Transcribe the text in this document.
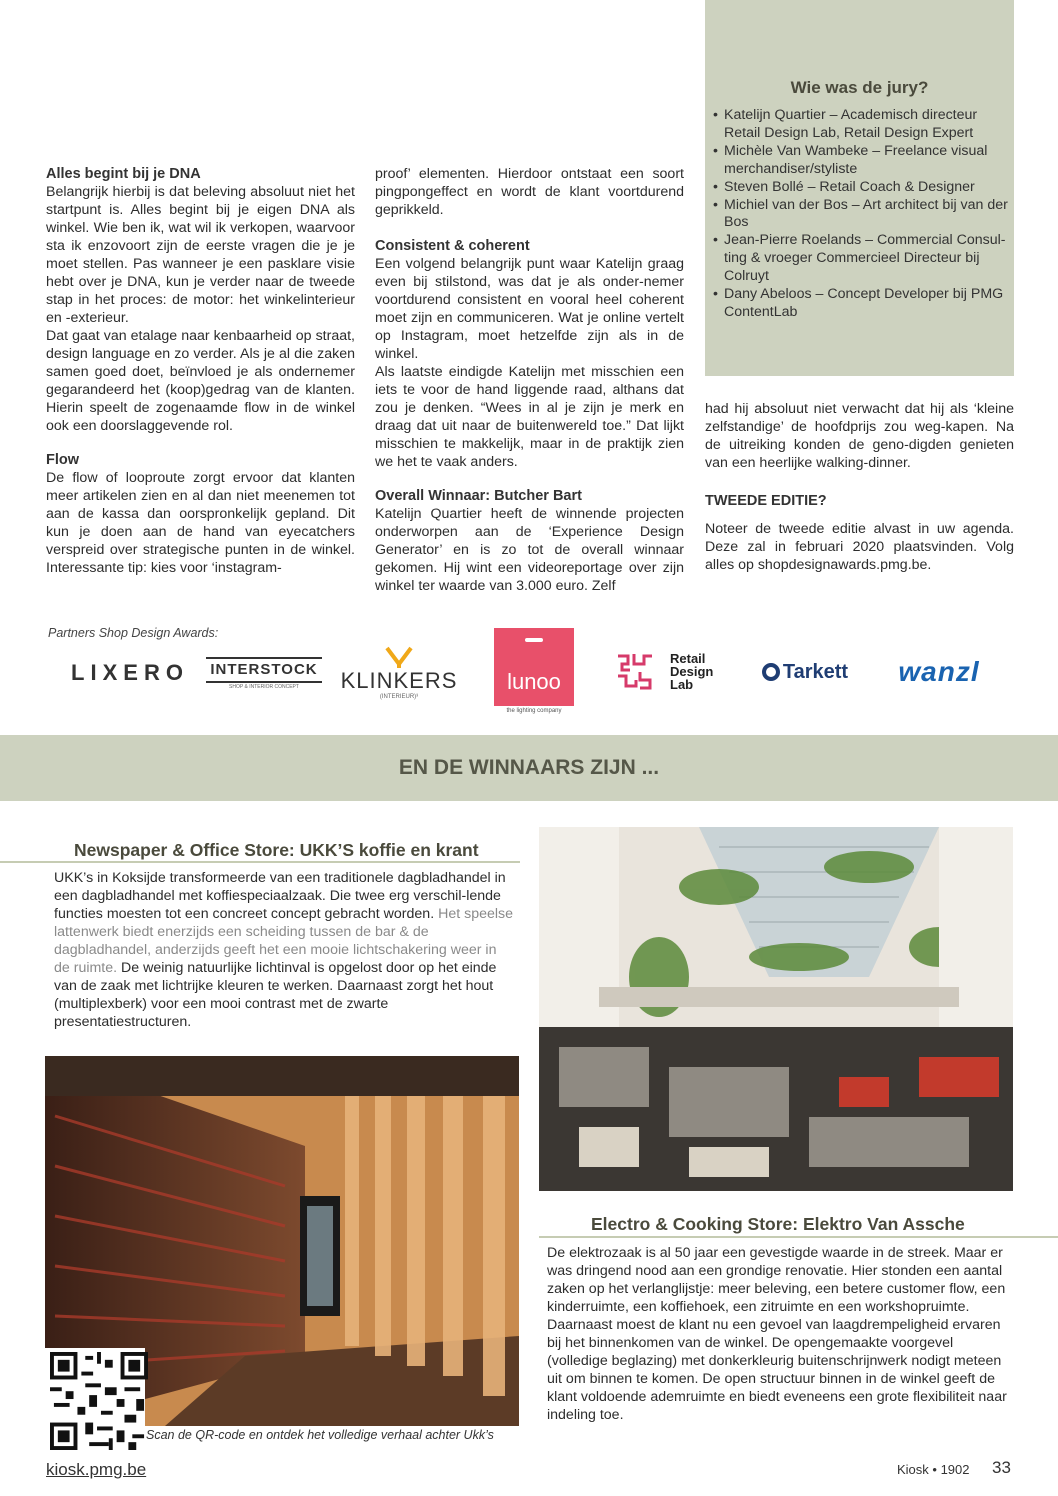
Alles begint bij je DNA

Belangrijk hierbij is dat beleving absoluut niet het startpunt is. Alles begint bij je eigen DNA als winkel. Wie ben ik, wat wil ik verkopen, waarvoor sta ik enzovoort zijn de eerste vragen die je je moet stellen. Pas wanneer je een pasklare visie hebt over je DNA, kun je verder naar de tweede stap in het proces: de motor: het winkelinterieur en -exterieur.

Dat gaat van etalage naar kenbaarheid op straat, design language en zo verder. Als je al die zaken samen goed doet, beïnvloed je als ondernemer gegarandeerd het (koop)gedrag van de klanten. Hierin speelt de zogenaamde flow in de winkel ook een doorslaggevende rol.

Flow

De flow of looproute zorgt ervoor dat klanten meer artikelen zien en al dan niet meenemen tot aan de kassa dan oorspronkelijk gepland. Dit kun je doen aan de hand van eyecatchers verspreid over strategische punten in de winkel. Interessante tip: kies voor ‘instagram-

proof’ elementen. Hierdoor ontstaat een soort pingpongeffect en wordt de klant voortdurend geprikkeld.

Consistent & coherent

Een volgend belangrijk punt waar Katelijn graag even bij stilstond, was dat je als onder-nemer voortdurend consistent en vooral heel coherent moet zijn en communiceren. Wat je online vertelt op Instagram, moet hetzelfde zijn als in de winkel.

Als laatste eindigde Katelijn met misschien een iets te voor de hand liggende raad, althans dat zou je denken. “Wees in al je zijn je merk en draag dat uit naar de buitenwereld toe.” Dat lijkt misschien te makkelijk, maar in de praktijk zien we het te vaak anders.

Overall Winnaar: Butcher Bart

Katelijn Quartier heeft de winnende projecten onderworpen aan de ‘Experience Design Generator’ en is zo tot de overall winnaar gekomen. Hij wint een videoreportage over zijn winkel ter waarde van 3.000 euro. Zelf

Wie was de jury?
• Katelijn Quartier – Academisch directeur Retail Design Lab, Retail Design Expert
• Michèle Van Wambeke – Freelance visual merchandiser/styliste
• Steven Bollé – Retail Coach & Designer
• Michiel van der Bos – Art architect bij van der Bos
• Jean-Pierre Roelands – Commercial Consul-ting & vroeger Commercieel Directeur bij Colruyt
• Dany Abeloos – Concept Developer bij PMG ContentLab

had hij absoluut niet verwacht dat hij als ‘kleine zelfstandige’ de hoofdprijs zou weg-kapen. Na de uitreiking konden de geno-digden genieten van een heerlijke walking-dinner.

TWEEDE EDITIE?

Noteer de tweede editie alvast in uw agenda. Deze zal in februari 2020 plaatsvinden. Volg alles op shopdesignawards.pmg.be.

Partners Shop Design Awards:
LIXERO INTERSTOCK
SHOP & INTERIOR CONCEPT KLINKERS
(INTERIEUR)³
lunoo
the lighting company
Retail
Design
Lab
Tarkett wanzl
EN DE WINNAARS ZIJN ...
Newspaper & Office Store: UKK’S koffie en krant
UKK’s in Koksijde transformeerde van een traditionele dagbladhandel in een dagbladhandel met koffiespeciaalzaak. Die twee erg verschil-lende functies moesten tot een concreet concept gebracht worden. Het speelse lattenwerk biedt enerzijds een scheiding tussen de bar & de dagbladhandel, anderzijds geeft het een mooie lichtschakering weer in de ruimte. De weinig natuurlijke lichtinval is opgelost door op het einde van de zaak met lichtrijke kleuren te werken. Daarnaast zorgt het hout (multiplexberk) voor een mooi contrast met de zwarte presentatiestructuren.
Scan de QR-code en ontdek het volledige verhaal achter Ukk’s
Electro & Cooking Store: Elektro Van Assche
De elektrozaak is al 50 jaar een gevestigde waarde in de streek. Maar er was dringend nood aan een grondige renovatie. Hier stonden een aantal zaken op het verlanglijstje: meer beleving, een betere customer flow, een kinderruimte, een koffiehoek, een zitruimte en een workshopruimte. Daarnaast moest de klant nu een gevoel van laagdrempeligheid ervaren bij het binnenkomen van de winkel. De opengemaakte voorgevel (volledige beglazing) met donkerkleurig buitenschrijnwerk nodigt meteen uit om binnen te komen. De open structuur binnen in de winkel geeft de klant voldoende ademruimte en biedt eveneens een grote flexibiliteit naar indeling toe.
kiosk.pmg.be	Kiosk • 1902 33
